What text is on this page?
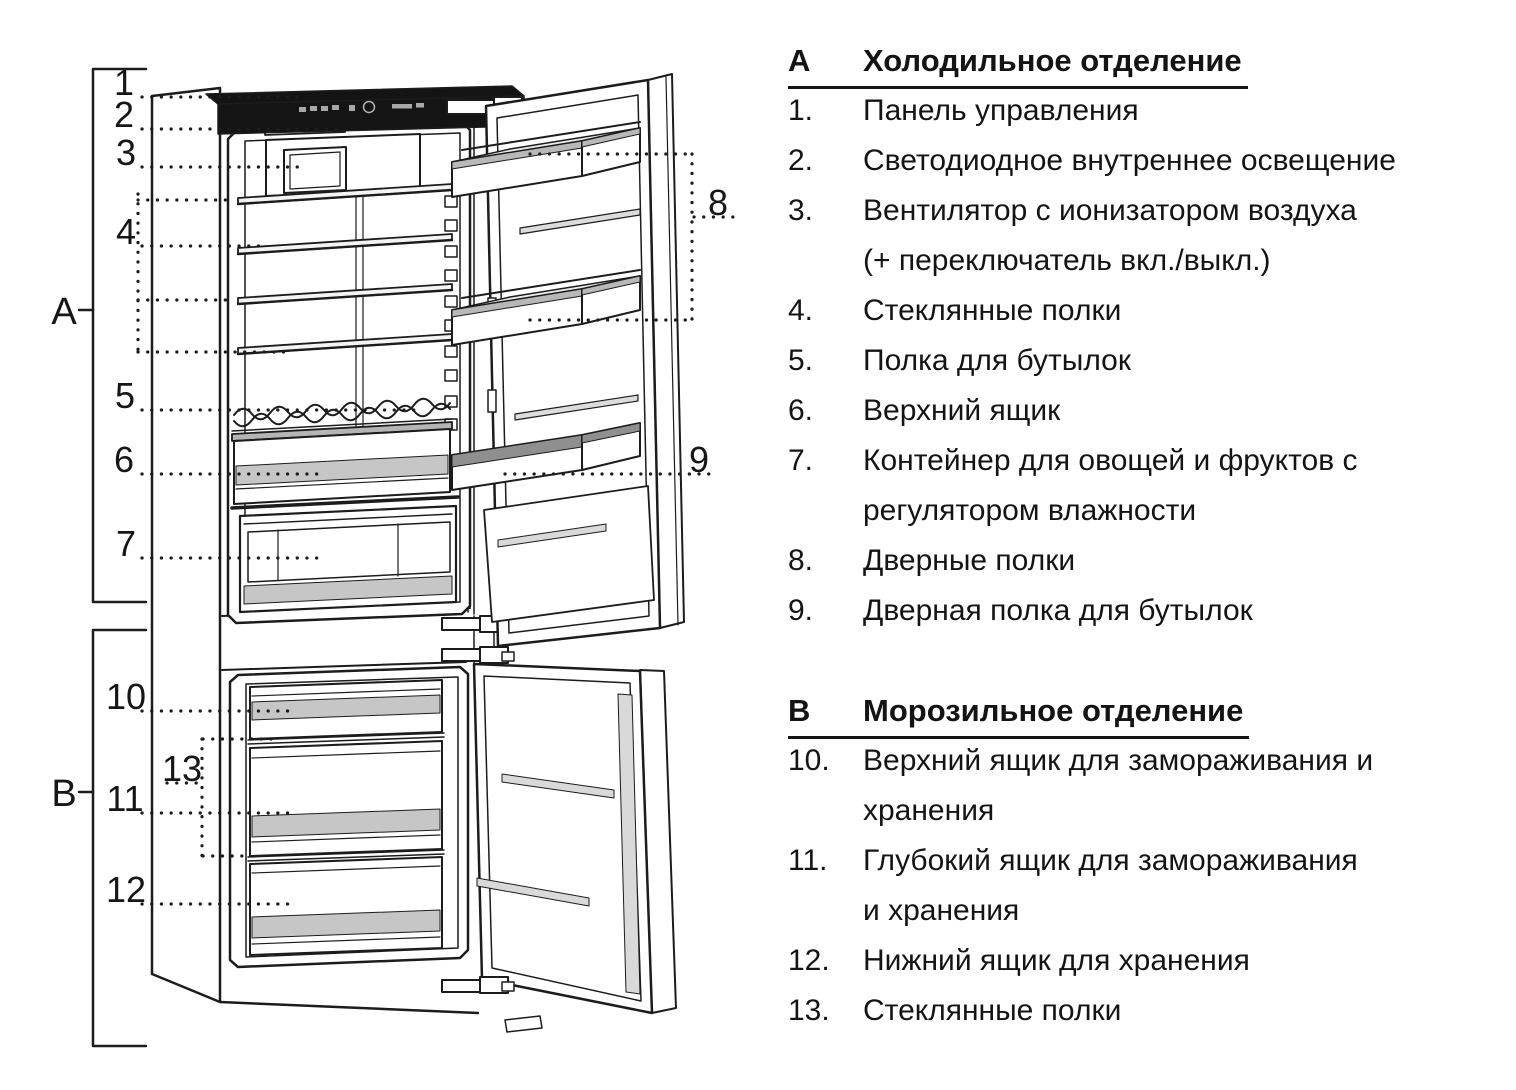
1
2
3
4
5
6
7
8
9
10
11
12
13
A
B
A	Холодильное отделение
1.	Панель управления
2.	Светодиодное внутреннее освещение
3.	Вентилятор с ионизатором воздуха
(+ переключатель вкл./выкл.)
4.	Стеклянные полки
5.	Полка для бутылок
6.	Верхний ящик
7.	Контейнер для овощей и фруктов с
регулятором влажности
8.	Дверные полки
9.	Дверная полка для бутылок
B	Морозильное отделение
10.	Верхний ящик для замораживания и
хранения
11.	Глубокий ящик для замораживания
и хранения
12.	Нижний ящик для хранения
13.	Стеклянные полки
